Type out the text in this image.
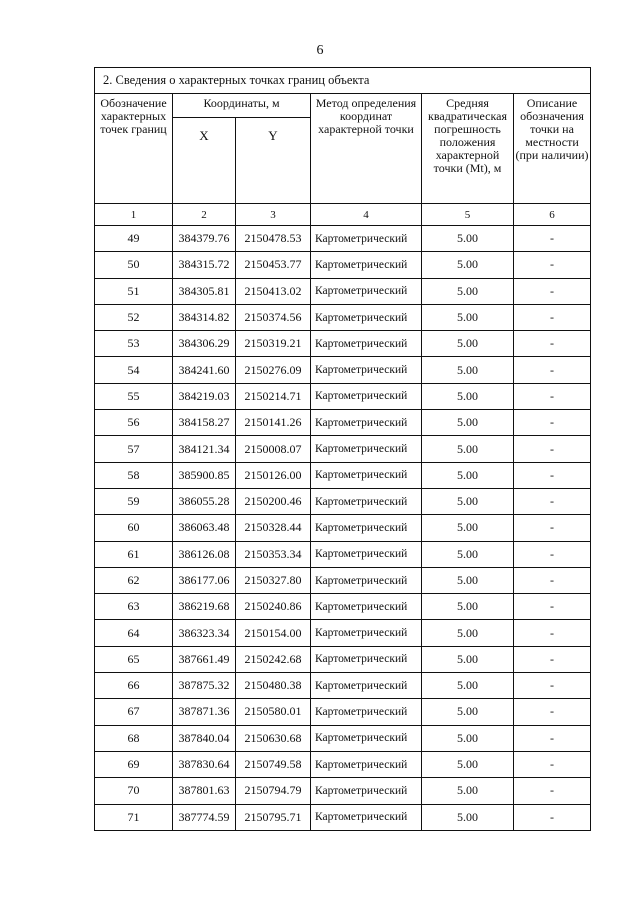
6
2. Сведения о характерных точках границ объекта					
Обозначение характерных точек границ	Координаты, м		Метод определения координат характерной точки	Средняя квадратическая погрешность положения характерной точки (Mt), м	Описание обозначения точки на местности (при наличии)
	X	Y			
1	2	3	4	5	6
49	384379.76	2150478.53	Картометрический	5.00	-
50	384315.72	2150453.77	Картометрический	5.00	-
51	384305.81	2150413.02	Картометрический	5.00	-
52	384314.82	2150374.56	Картометрический	5.00	-
53	384306.29	2150319.21	Картометрический	5.00	-
54	384241.60	2150276.09	Картометрический	5.00	-
55	384219.03	2150214.71	Картометрический	5.00	-
56	384158.27	2150141.26	Картометрический	5.00	-
57	384121.34	2150008.07	Картометрический	5.00	-
58	385900.85	2150126.00	Картометрический	5.00	-
59	386055.28	2150200.46	Картометрический	5.00	-
60	386063.48	2150328.44	Картометрический	5.00	-
61	386126.08	2150353.34	Картометрический	5.00	-
62	386177.06	2150327.80	Картометрический	5.00	-
63	386219.68	2150240.86	Картометрический	5.00	-
64	386323.34	2150154.00	Картометрический	5.00	-
65	387661.49	2150242.68	Картометрический	5.00	-
66	387875.32	2150480.38	Картометрический	5.00	-
67	387871.36	2150580.01	Картометрический	5.00	-
68	387840.04	2150630.68	Картометрический	5.00	-
69	387830.64	2150749.58	Картометрический	5.00	-
70	387801.63	2150794.79	Картометрический	5.00	-
71	387774.59	2150795.71	Картометрический	5.00	-
